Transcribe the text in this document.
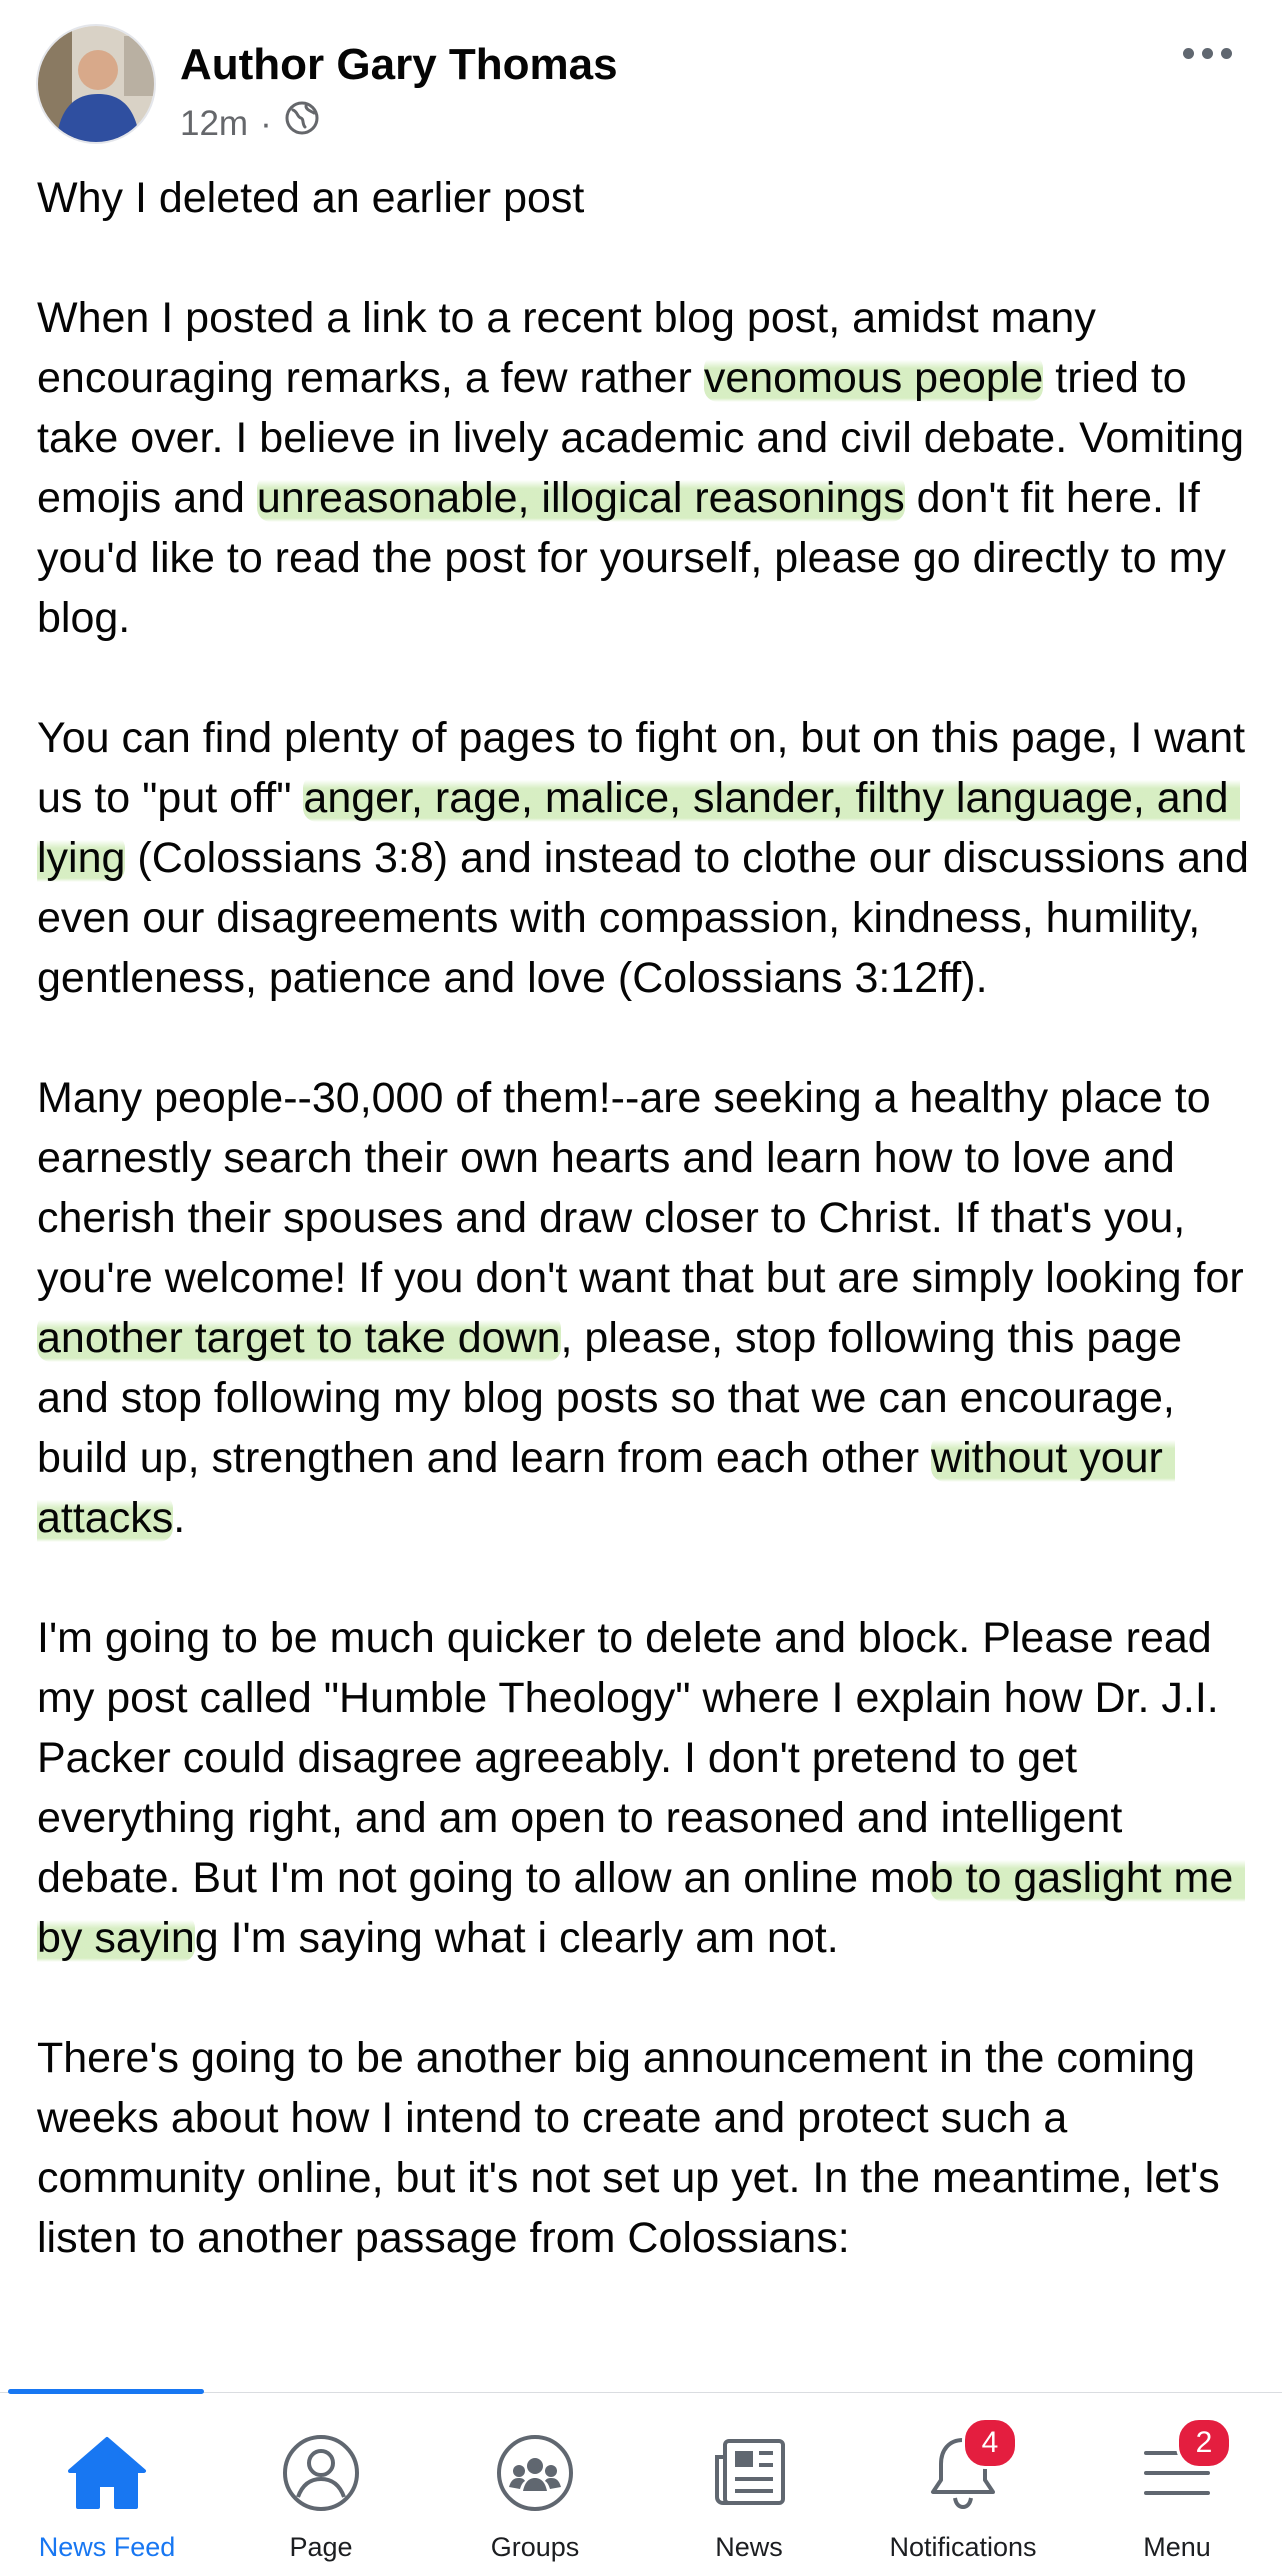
Author Gary Thomas
12m ·

Why I deleted an earlier post

When I posted a link to a recent blog post, amidst many encouraging remarks, a few rather venomous people tried to take over. I believe in lively academic and civil debate. Vomiting emojis and unreasonable, illogical reasonings don't fit here. If you'd like to read the post for yourself, please go directly to my blog.

You can find plenty of pages to fight on, but on this page, I want us to "put off" anger, rage, malice, slander, filthy language, and lying (Colossians 3:8) and instead to clothe our discussions and even our disagreements with compassion, kindness, humility, gentleness, patience and love (Colossians 3:12ff).

Many people--30,000 of them!--are seeking a healthy place to earnestly search their own hearts and learn how to love and cherish their spouses and draw closer to Christ. If that's you, you're welcome! If you don't want that but are simply looking for another target to take down, please, stop following this page and stop following my blog posts so that we can encourage, build up, strengthen and learn from each other without your attacks.

I'm going to be much quicker to delete and block. Please read my post called "Humble Theology" where I explain how Dr. J.I. Packer could disagree agreeably. I don't pretend to get everything right, and am open to reasoned and intelligent debate. But I'm not going to allow an online mob to gaslight me by saying I'm saying what i clearly am not.

There's going to be another big announcement in the coming weeks about how I intend to create and protect such a community online, but it's not set up yet. In the meantime, let's listen to another passage from Colossians:

News Feed	Page	Groups	News
4
Notifications
2
Menu
